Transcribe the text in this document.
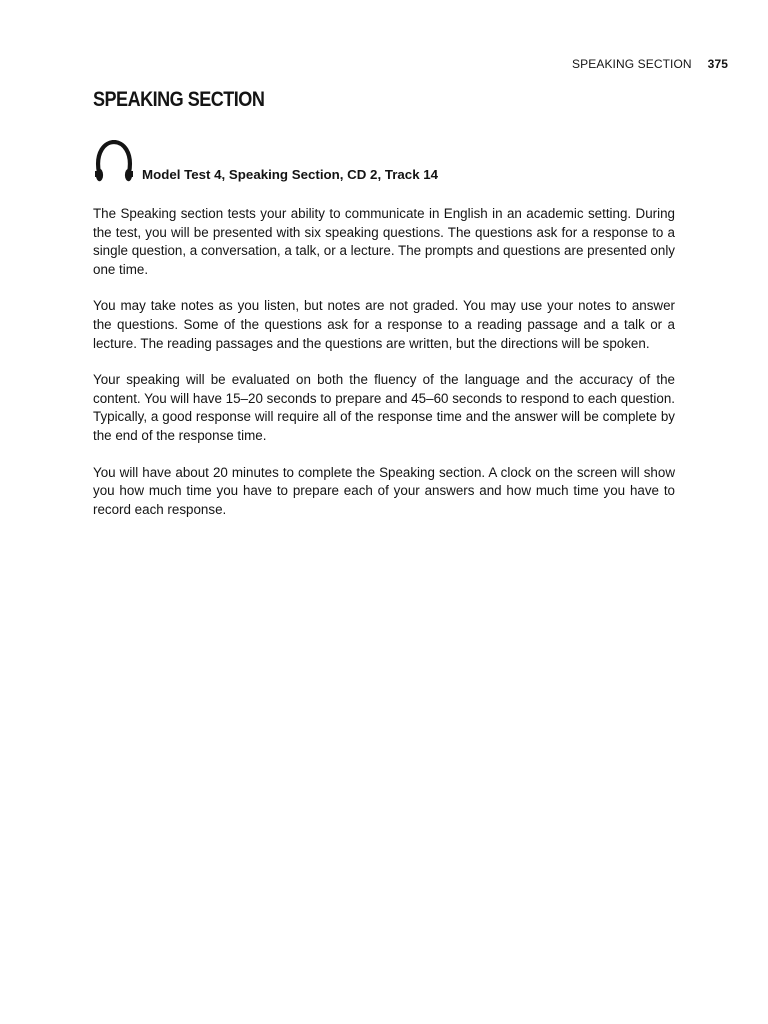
SPEAKING SECTION 375
SPEAKING SECTION
Model Test 4, Speaking Section, CD 2, Track 14

The Speaking section tests your ability to communicate in English in an academic setting. During the test, you will be presented with six speaking questions. The questions ask for a response to a single question, a conversation, a talk, or a lecture. The prompts and questions are presented only one time.

You may take notes as you listen, but notes are not graded. You may use your notes to answer the questions. Some of the questions ask for a response to a reading passage and a talk or a lecture. The reading passages and the questions are written, but the directions will be spoken.

Your speaking will be evaluated on both the fluency of the language and the accuracy of the content. You will have 15–20 seconds to prepare and 45–60 seconds to respond to each question. Typically, a good response will require all of the response time and the answer will be complete by the end of the response time.

You will have about 20 minutes to complete the Speaking section. A clock on the screen will show you how much time you have to prepare each of your answers and how much time you have to record each response.
